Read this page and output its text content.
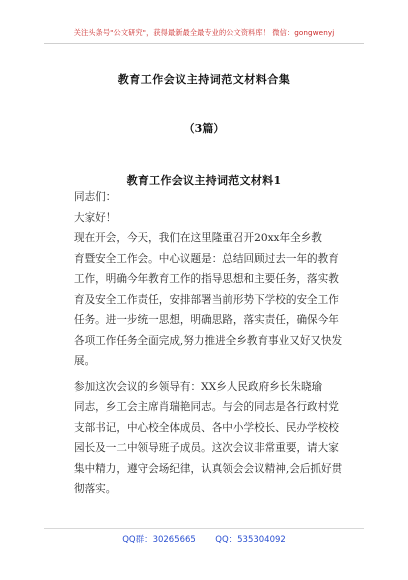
关注头条号"公文研究"，获得最新最全最专业的公文资料库！ 微信：gongwenyj
教育工作会议主持词范文材料合集
（3篇）
教育工作会议主持词范文材料1
同志们：
大家好！
现在开会，今天，我们在这里隆重召开20xx年全乡教
育暨安全工作会。中心议题是：总结回顾过去一年的教育
工作，明确今年教育工作的指导思想和主要任务，落实教
育及安全工作责任，安排部署当前形势下学校的安全工作
任务。进一步统一思想，明确思路，落实责任，确保今年
各项工作任务全面完成,努力推进全乡教育事业又好又快发
展。
参加这次会议的乡领导有：XX乡人民政府乡长朱晓瑜
同志，乡工会主席肖瑞艳同志。与会的同志是各行政村党
支部书记，中心校全体成员、各中小学校长、民办学校校
园长及一二中领导班子成员。这次会议非常重要，请大家
集中精力，遵守会场纪律，认真领会会议精神,会后抓好贯
彻落实。
QQ群：30265665 QQ：535304092
